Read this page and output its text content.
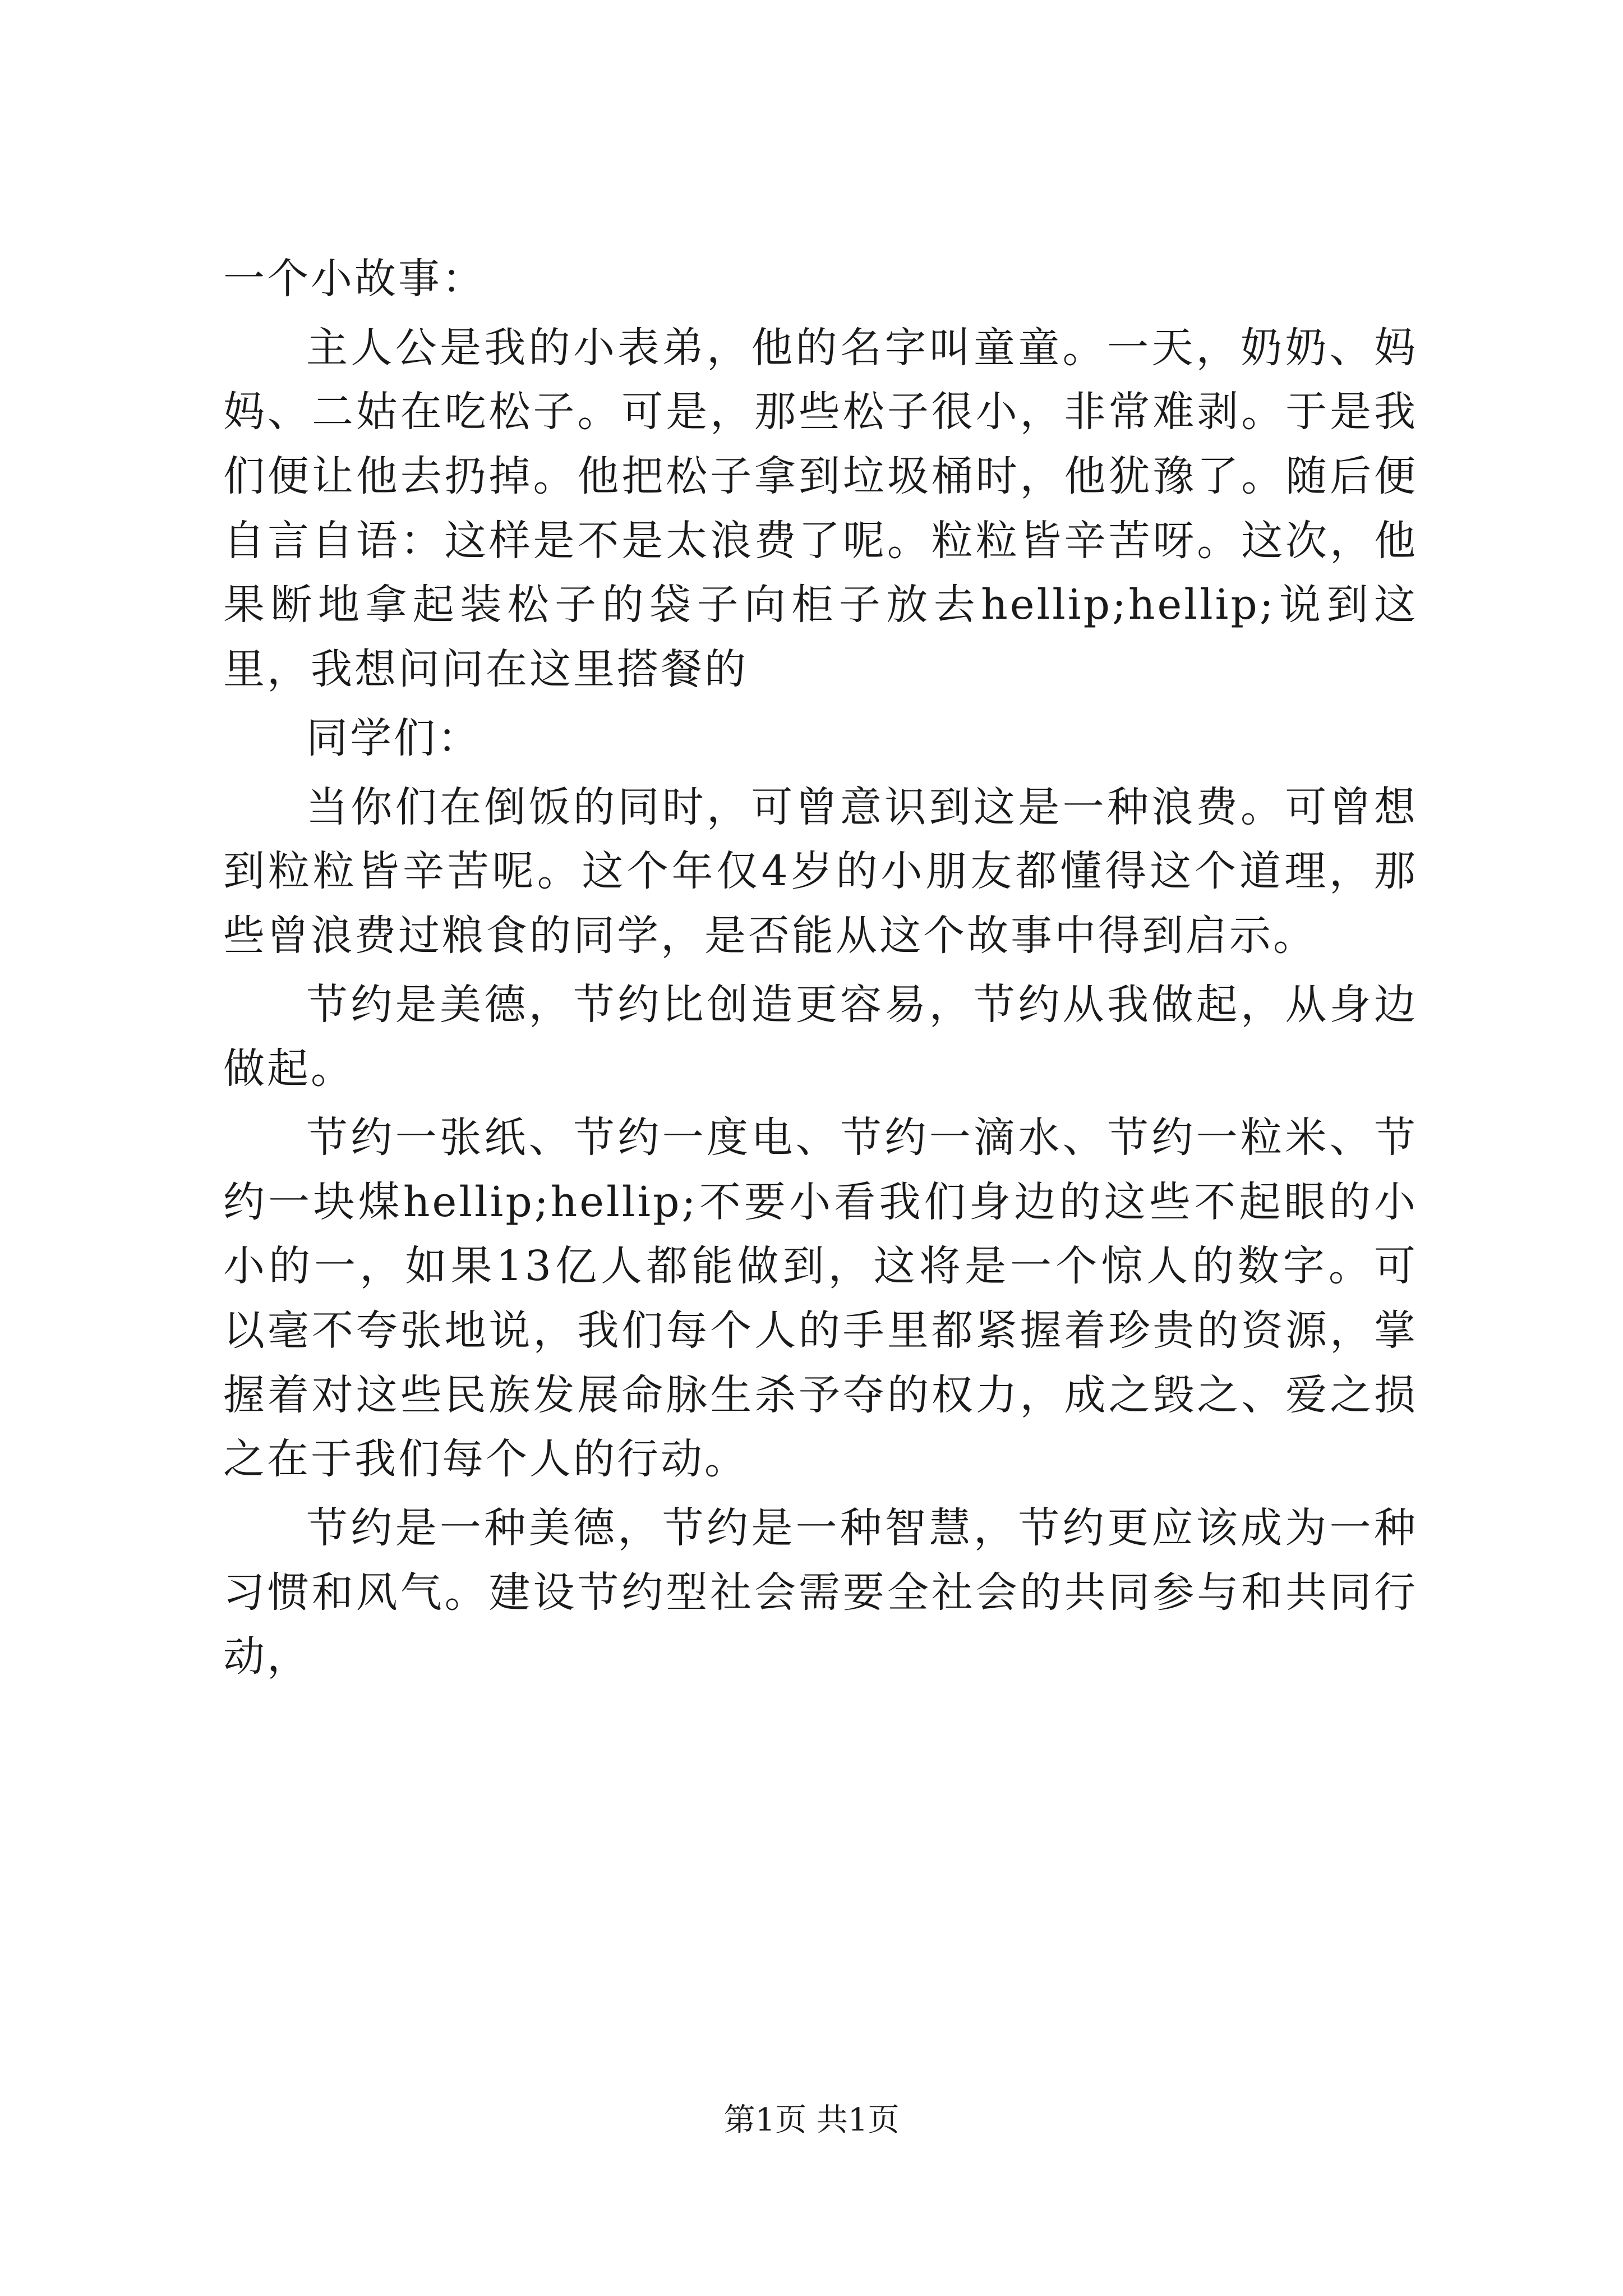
一个小故事：

主人公是我的小表弟，他的名字叫童童。一天，奶奶、妈妈、二姑在吃松子。可是，那些松子很小，非常难剥。于是我们便让他去扔掉。他把松子拿到垃圾桶时，他犹豫了。随后便自言自语：这样是不是太浪费了呢。粒粒皆辛苦呀。这次，他果断地拿起装松子的袋子向柜子放去hellip;hellip;说到这里，我想问问在这里搭餐的

同学们：

当你们在倒饭的同时，可曾意识到这是一种浪费。可曾想到粒粒皆辛苦呢。这个年仅4岁的小朋友都懂得这个道理，那些曾浪费过粮食的同学，是否能从这个故事中得到启示。

节约是美德，节约比创造更容易，节约从我做起，从身边做起。

节约一张纸、节约一度电、节约一滴水、节约一粒米、节约一块煤hellip;hellip;不要小看我们身边的这些不起眼的小小的一，如果13亿人都能做到，这将是一个惊人的数字。可以毫不夸张地说，我们每个人的手里都紧握着珍贵的资源，掌握着对这些民族发展命脉生杀予夺的权力，成之毁之、爱之损之在于我们每个人的行动。

节约是一种美德，节约是一种智慧，节约更应该成为一种习惯和风气。建设节约型社会需要全社会的共同参与和共同行动，

第1页 共1页
